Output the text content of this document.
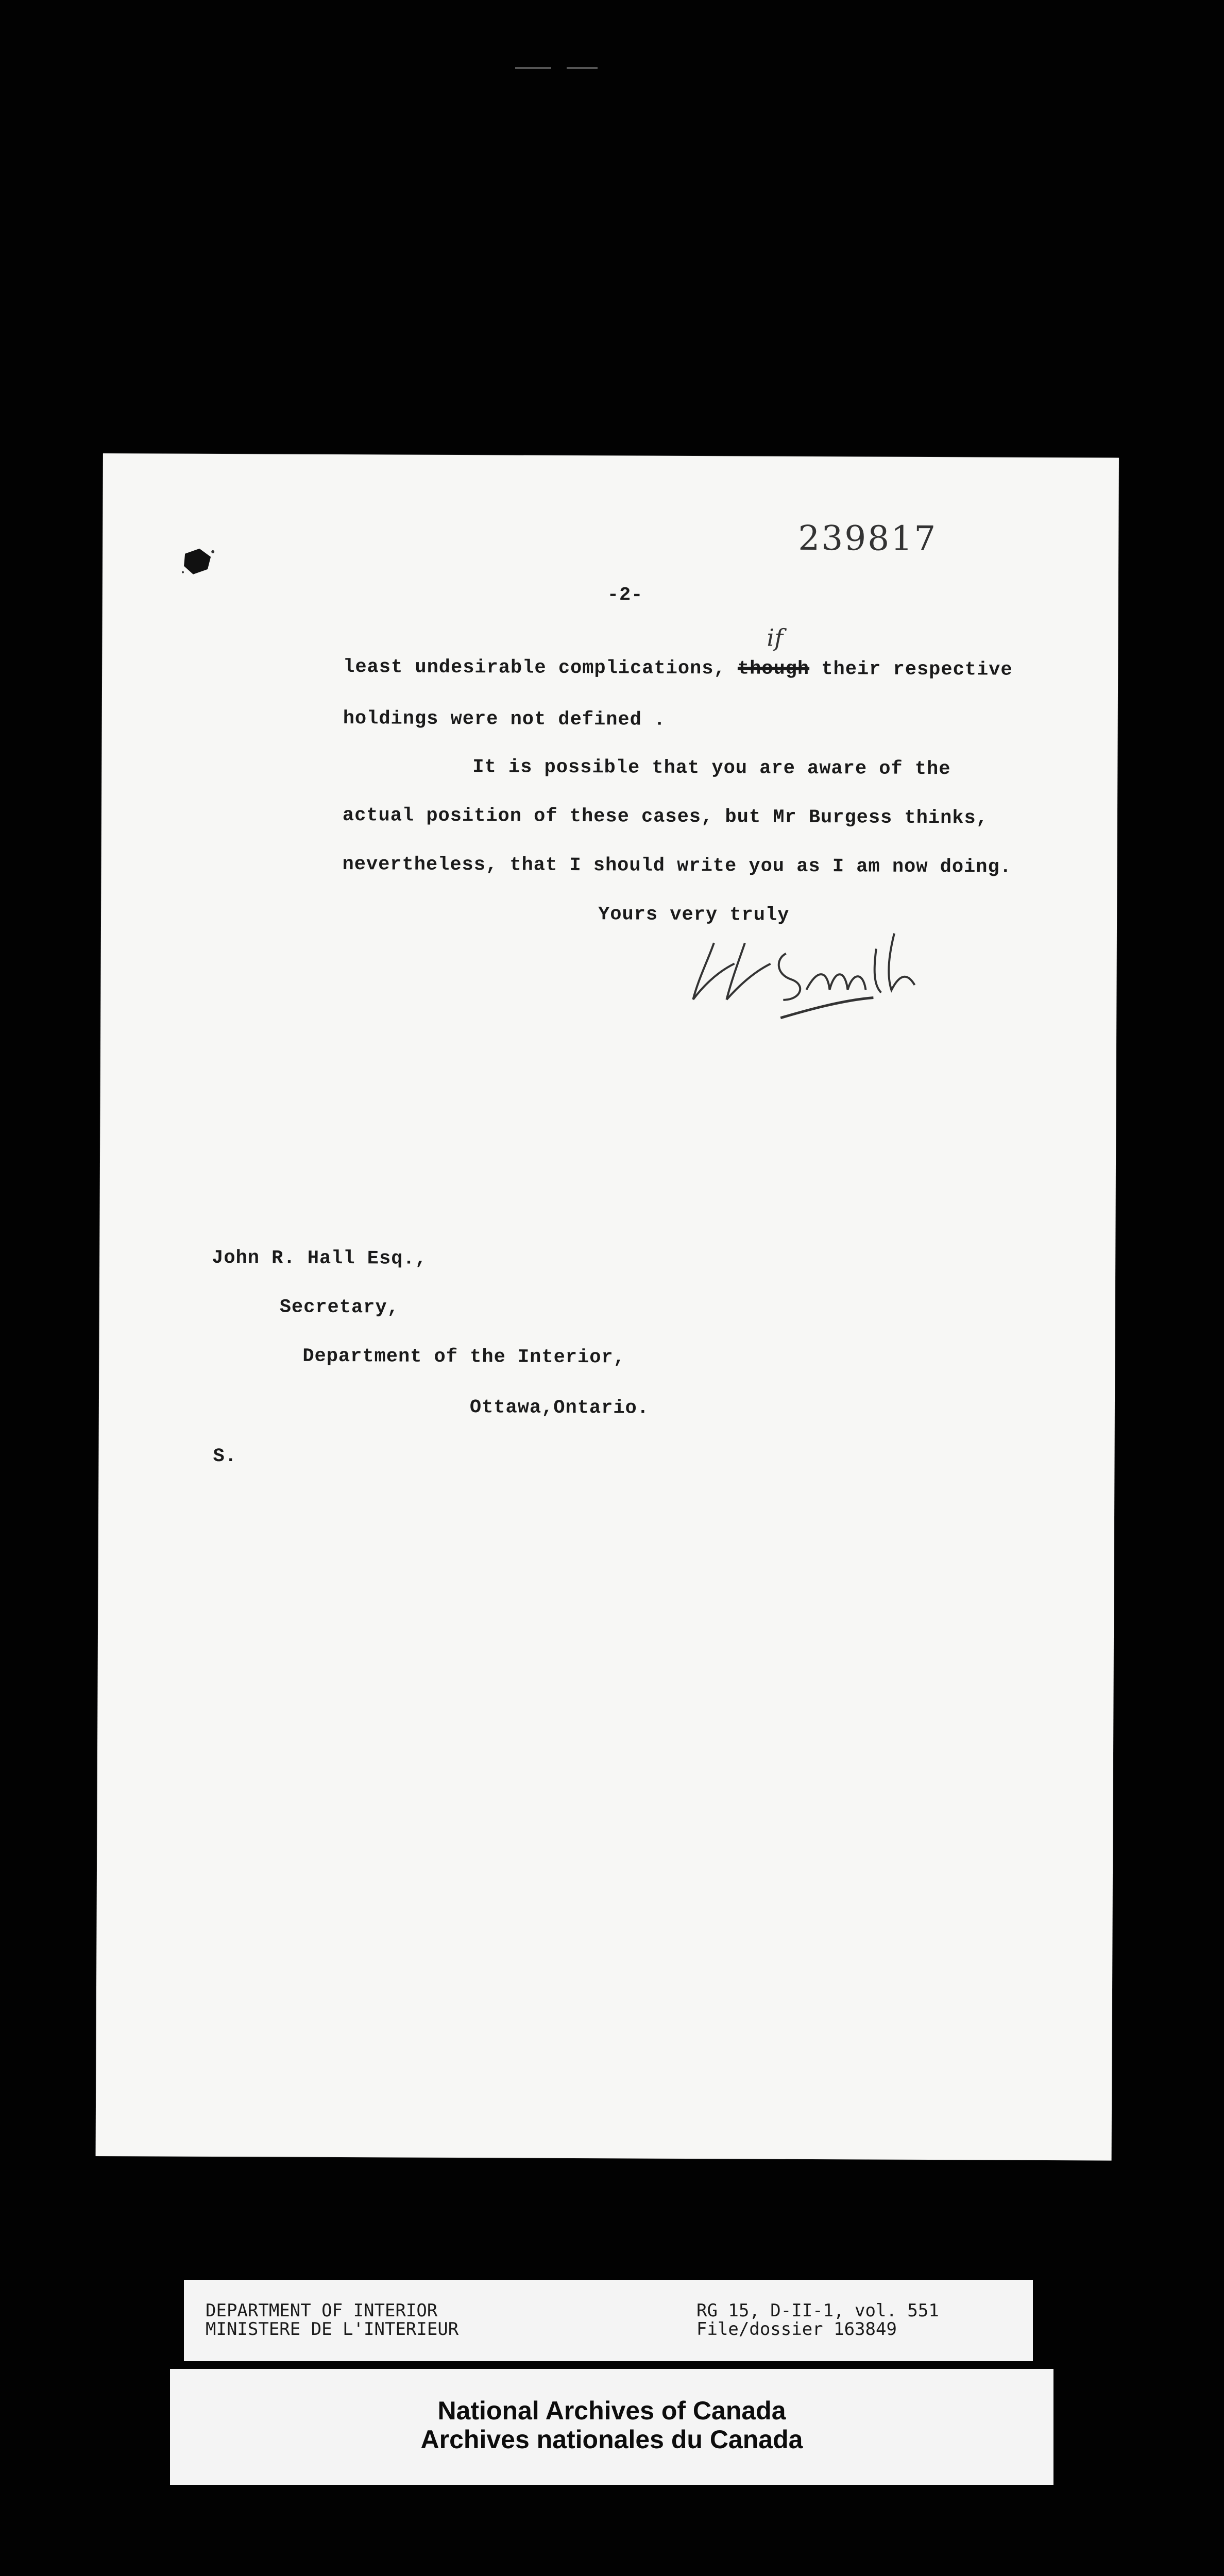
239817
-2-
least undesirable complications, though their respective
if
holdings were not defined .
It is possible that you are aware of the
actual position of these cases, but Mr Burgess thinks,
nevertheless, that I should write you as I am now doing.
Yours very truly
John R. Hall Esq.,
Secretary,
Department of the Interior,
Ottawa,Ontario.
S.
DEPARTMENT OF INTERIOR
MINISTERE DE L'INTERIEUR
RG 15, D-II-1, vol. 551
File/dossier 163849
National Archives of Canada
Archives nationales du Canada
